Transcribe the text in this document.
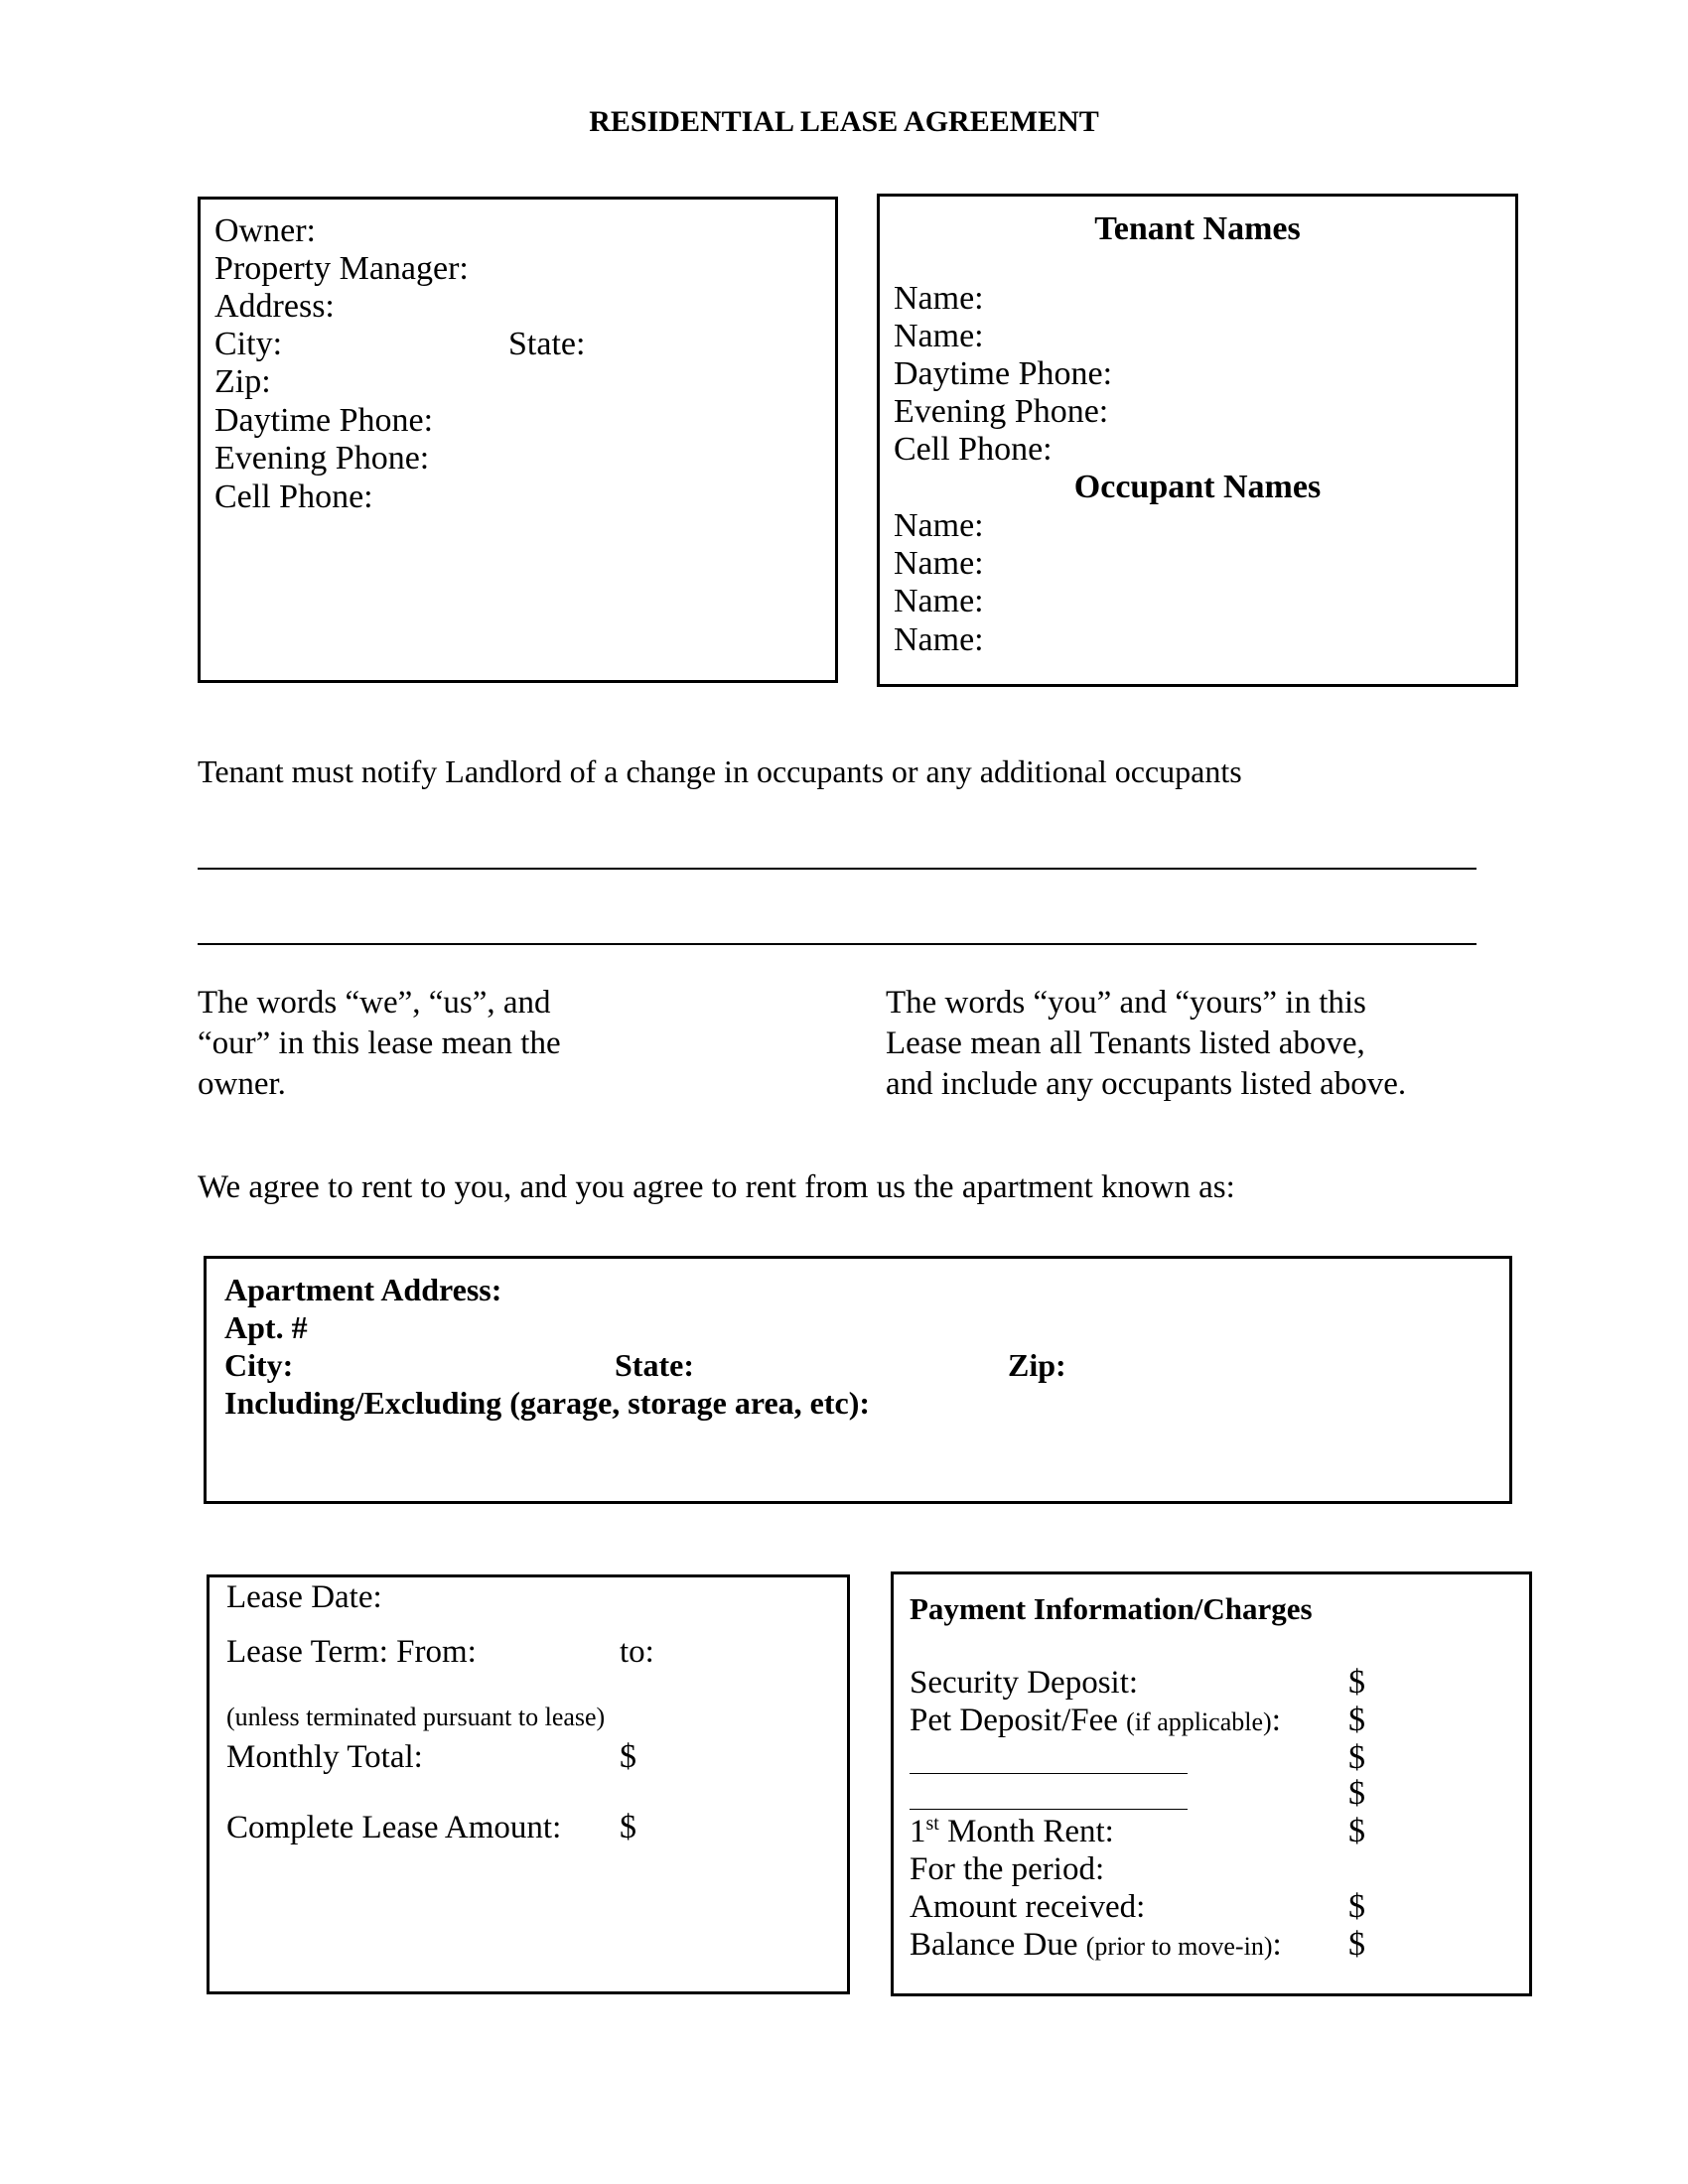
RESIDENTIAL LEASE AGREEMENT
Owner:
Property Manager:
Address:
City:	State:
Zip:
Daytime Phone:
Evening Phone:
Cell Phone:
Tenant Names
Name:
Name:
Daytime Phone:
Evening Phone:
Cell Phone:
Occupant Names
Name:
Name:
Name:
Name:
Tenant must notify Landlord of a change in occupants or any additional occupants
The words “we”, “us”, and
“our” in this lease mean the
owner.
The words “you” and “yours” in this
Lease mean all Tenants listed above,
and include any occupants listed above.
We agree to rent to you, and you agree to rent from us the apartment known as:
Apartment Address:
Apt. #
City:	State:	Zip:
Including/Excluding (garage, storage area, etc):
Lease Date:
Lease Term: From:	to:
(unless terminated pursuant to lease)
Monthly Total:	$
Complete Lease Amount: $
Payment Information/Charges
Security Deposit:	$
Pet Deposit/Fee (if applicable): $
$
$
1st Month Rent:	$
For the period:
Amount received:	$
Balance Due (prior to move-in): $
